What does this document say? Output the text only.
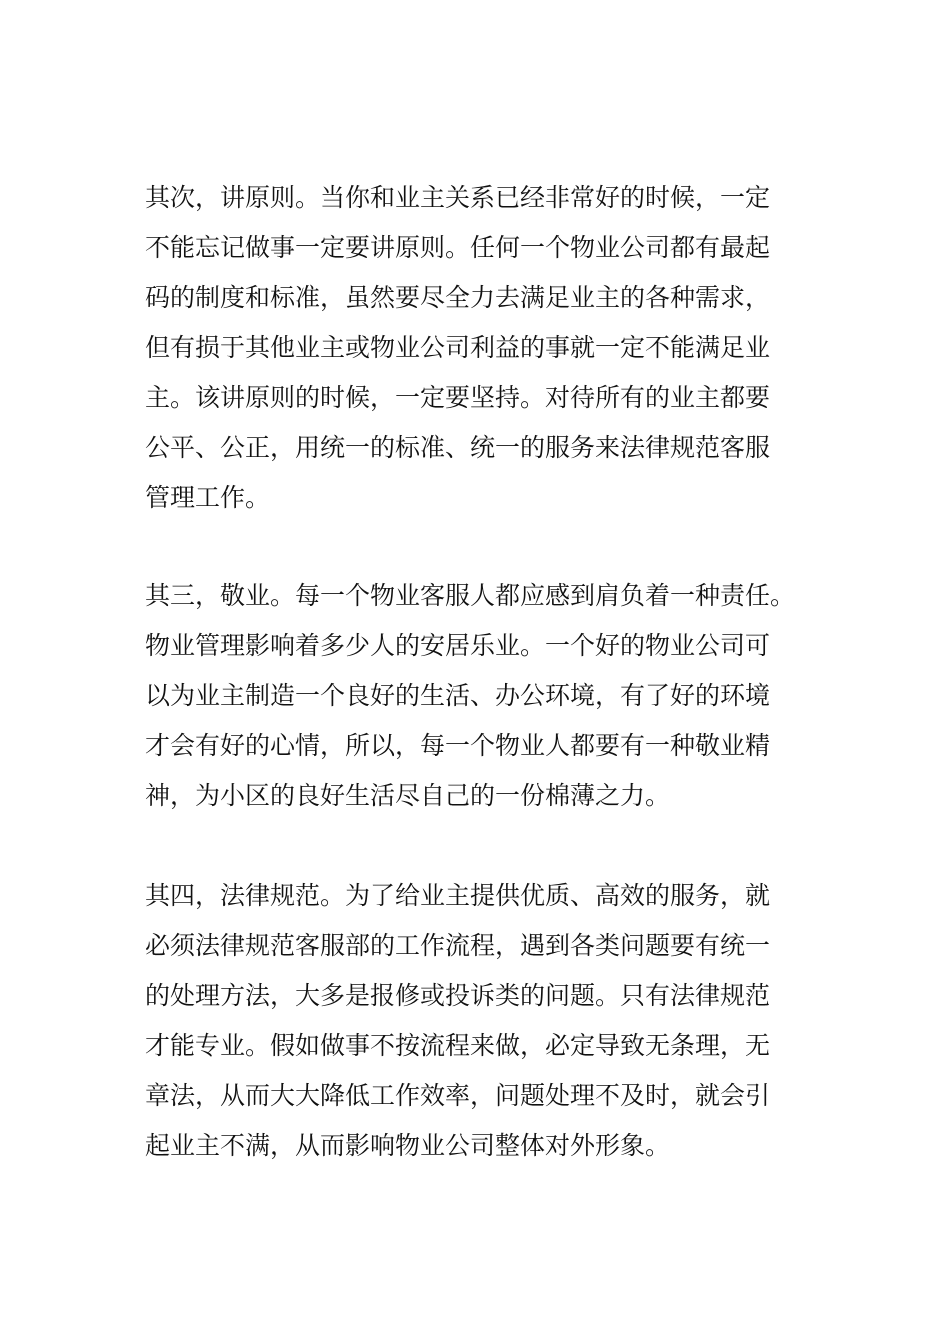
其次，讲原则。当你和业主关系已经非常好的时候，一定
不能忘记做事一定要讲原则。任何一个物业公司都有最起
码的制度和标准，虽然要尽全力去满足业主的各种需求，
但有损于其他业主或物业公司利益的事就一定不能满足业
主。该讲原则的时候，一定要坚持。对待所有的业主都要
公平、公正，用统一的标准、统一的服务来法律规范客服
管理工作。
其三，敬业。每一个物业客服人都应感到肩负着一种责任。
物业管理影响着多少人的安居乐业。一个好的物业公司可
以为业主制造一个良好的生活、办公环境，有了好的环境
才会有好的心情，所以，每一个物业人都要有一种敬业精
神，为小区的良好生活尽自己的一份棉薄之力。
其四，法律规范。为了给业主提供优质、高效的服务，就
必须法律规范客服部的工作流程，遇到各类问题要有统一
的处理方法，大多是报修或投诉类的问题。只有法律规范
才能专业。假如做事不按流程来做，必定导致无条理，无
章法，从而大大降低工作效率，问题处理不及时，就会引
起业主不满，从而影响物业公司整体对外形象。
